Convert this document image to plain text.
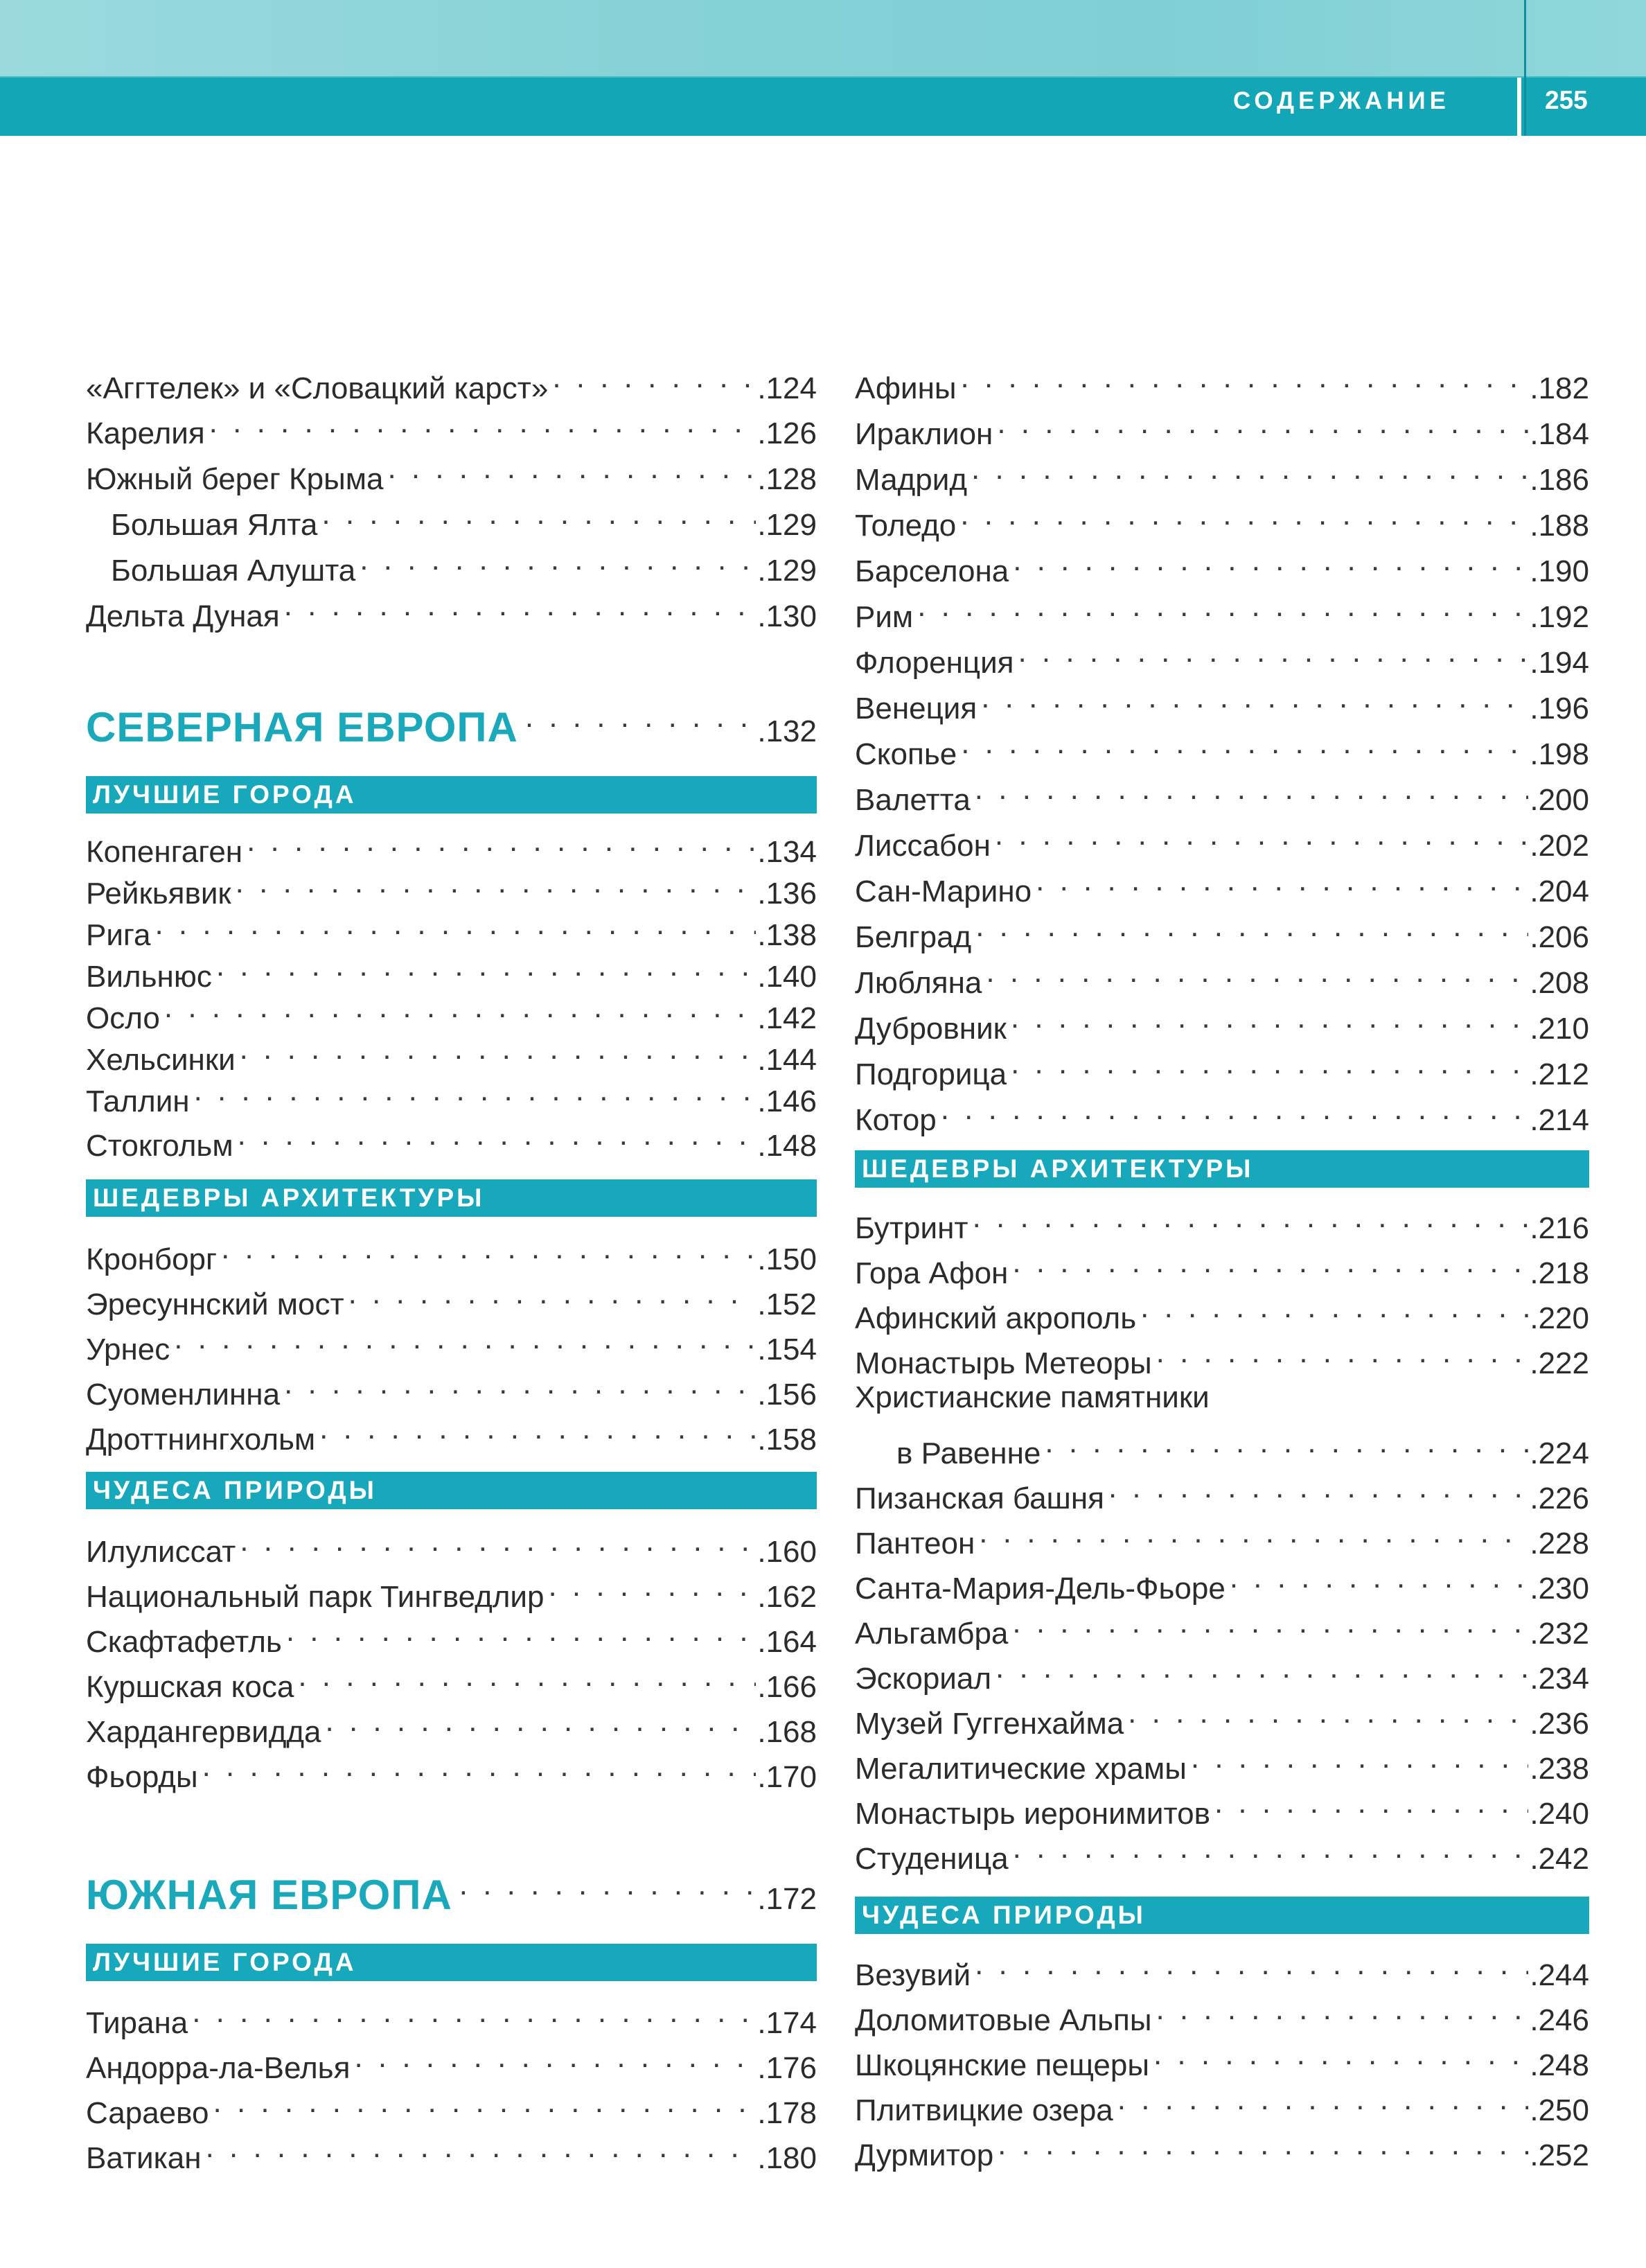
СОДЕРЖАНИЕ	255
«Аггтелек» и «Словацкий карст» . . .	.124
Карелия . . .	.126
Южный берег Крыма . . .	.128
Большая Ялта . . .	.129
Большая Алушта . . .	.129
Дельта Дуная . . .	.130
СЕВЕРНАЯ ЕВРОПА . . .	.132
ЛУЧШИЕ ГОРОДА
Копенгаген . . .	.134
Рейкьявик . . .	.136
Рига . . .	.138
Вильнюс . . .	.140
Осло . . .	.142
Хельсинки . . .	.144
Таллин . . .	.146
Стокгольм . . .	.148
ШЕДЕВРЫ АРХИТЕКТУРЫ
Кронборг . . .	.150
Эресуннский мост . . .	.152
Урнес . . .	.154
Суоменлинна . . .	.156
Дроттнингхольм . . .	.158
ЧУДЕСА ПРИРОДЫ
Илулиссат . . .	.160
Национальный парк Тингведлир . . .	.162
Скафтафетль . . .	.164
Куршская коса . . .	.166
Хардангервидда . . .	.168
Фьорды . . .	.170
ЮЖНАЯ ЕВРОПА . . .	.172
ЛУЧШИЕ ГОРОДА
Тирана . . .	.174
Андорра-ла-Велья . . .	.176
Сараево . . .	.178
Ватикан . . .	.180
Афины . . .	.182
Ираклион . . .	.184
Мадрид . . .	.186
Толедо . . .	.188
Барселона . . .	.190
Рим . . .	.192
Флоренция . . .	.194
Венеция . . .	.196
Скопье . . .	.198
Валетта . . .	.200
Лиссабон . . .	.202
Сан-Марино . . .	.204
Белград . . .	.206
Любляна . . .	.208
Дубровник . . .	.210
Подгорица . . .	.212
Котор . . .	.214
ШЕДЕВРЫ АРХИТЕКТУРЫ
Бутринт . . .	.216
Гора Афон . . .	.218
Афинский акрополь . . .	.220
Монастырь Метеоры . . .	.222
Христианские памятники
в Равенне . . .	.224
Пизанская башня . . .	.226
Пантеон . . .	.228
Санта-Мария-Дель-Фьоре . . .	.230
Альгамбра . . .	.232
Эскориал . . .	.234
Музей Гуггенхайма . . .	.236
Мегалитические храмы . . .	.238
Монастырь иеронимитов . . .	.240
Студеница . . .	.242
ЧУДЕСА ПРИРОДЫ
Везувий . . .	.244
Доломитовые Альпы . . .	.246
Шкоцянские пещеры . . .	.248
Плитвицкие озера . . .	.250
Дурмитор . . .	.252
